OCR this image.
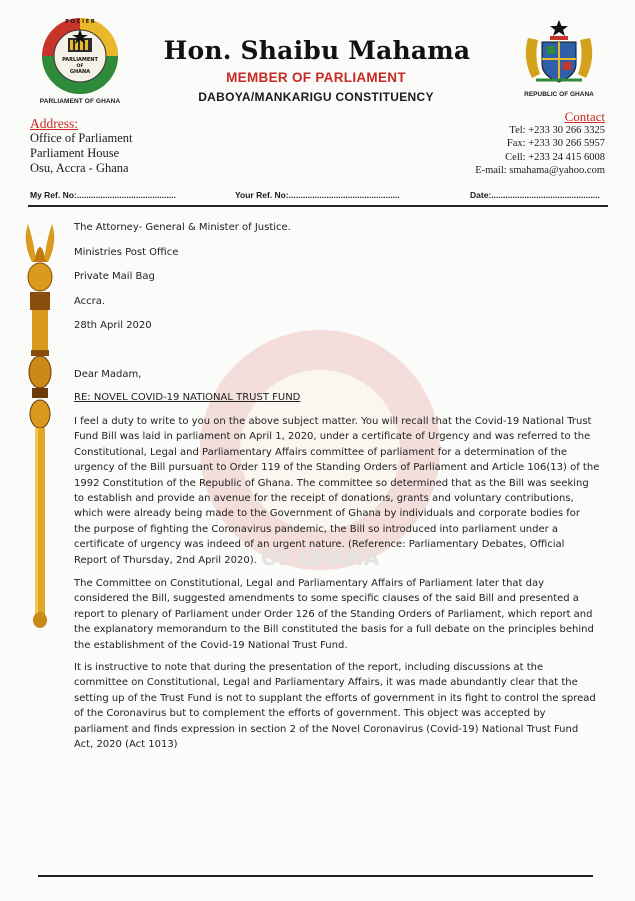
P O C I E R
PARLIAMENT
OF
GHANA
PARLIAMENT OF GHANA
Hon. Shaibu Mahama
MEMBER OF PARLIAMENT
DABOYA/MANKARIGU CONSTITUENCY	REPUBLIC OF GHANA
Address:
Office of Parliament
Parliament House
Osu, Accra - Ghana
Contact
Tel: +233 30 266 3325
Fax: +233 30 266 5957
Cell: +233 24 415 6008
E-mail: smahama@yahoo.com
My Ref. No:..........................................	Your Ref. No:...............................................	Date:..............................................
OF GHANA
The Attorney- General & Minister of Justice.
Ministries Post Office
Private Mail Bag
Accra.
28th April 2020
Dear Madam,
RE: NOVEL COVID-19 NATIONAL TRUST FUND
I feel a duty to write to you on the above subject matter. You will recall that the Covid-19 National Trust
Fund Bill was laid in parliament on April 1, 2020, under a certificate of Urgency and was referred to the
Constitutional, Legal and Parliamentary Affairs committee of parliament for a determination of the
urgency of the Bill pursuant to Order 119 of the Standing Orders of Parliament and Article 106(13) of the
1992 Constitution of the Republic of Ghana. The committee so determined that as the Bill was seeking
to establish and provide an avenue for the receipt of donations, grants and voluntary contributions,
which were already being made to the Government of Ghana by individuals and corporate bodies for
the purpose of fighting the Coronavirus pandemic, the Bill so introduced into parliament under a
certificate of urgency was indeed of an urgent nature. (Reference: Parliamentary Debates, Official
Report of Thursday, 2nd April 2020).
The Committee on Constitutional, Legal and Parliamentary Affairs of Parliament later that day
considered the Bill, suggested amendments to some specific clauses of the said Bill and presented a
report to plenary of Parliament under Order 126 of the Standing Orders of Parliament, which report and
the explanatory memorandum to the Bill constituted the basis for a full debate on the principles behind
the establishment of the Covid-19 National Trust Fund.
It is instructive to note that during the presentation of the report, including discussions at the
committee on Constitutional, Legal and Parliamentary Affairs, it was made abundantly clear that the
setting up of the Trust Fund is not to supplant the efforts of government in its fight to control the spread
of the Coronavirus but to complement the efforts of government. This object was accepted by
parliament and finds expression in section 2 of the Novel Coronavirus (Covid-19) National Trust Fund
Act, 2020 (Act 1013)
